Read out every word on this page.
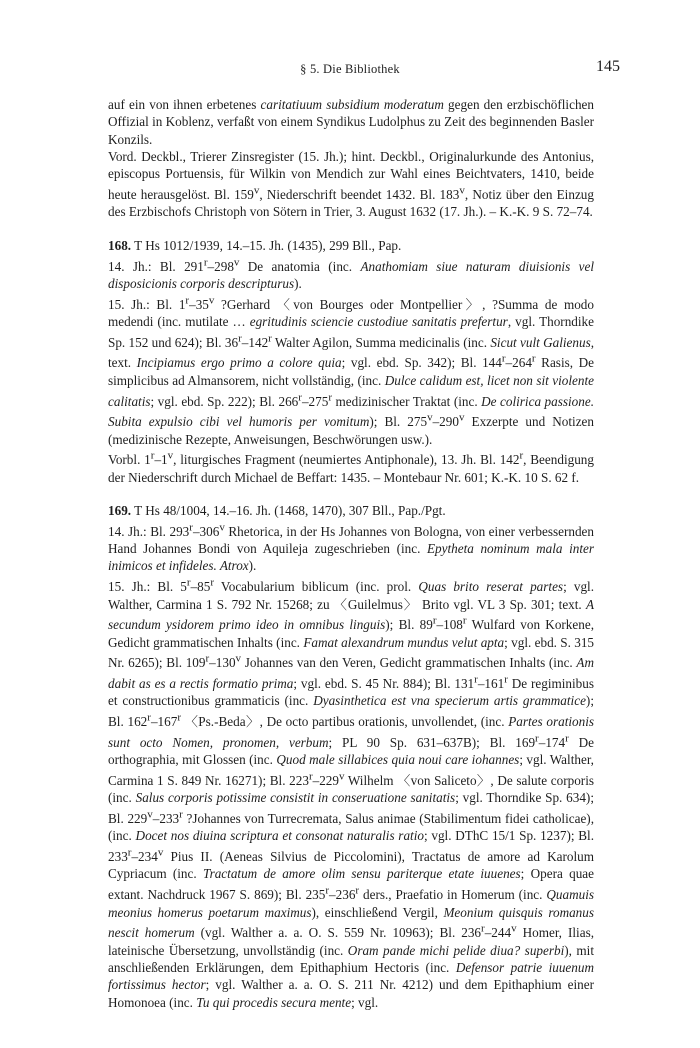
§ 5. Die Bibliothek	145

auf ein von ihnen erbetenes caritatiuum subsidium moderatum gegen den erzbischöflichen Offizial in Koblenz, verfaßt von einem Syndikus Ludolphus zu Zeit des beginnenden Basler Konzils.

Vord. Deckbl., Trierer Zinsregister (15. Jh.); hint. Deckbl., Originalurkunde des Antonius, episcopus Portuensis, für Wilkin von Mendich zur Wahl eines Beichtvaters, 1410, beide heute herausgelöst. Bl. 159$^v$, Niederschrift beendet 1432. Bl. 183$^v$, Notiz über den Einzug des Erzbischofs Christoph von Sötern in Trier, 3. August 1632 (17. Jh.). – K.-K. 9 S. 72–74.

168. T Hs 1012/1939, 14.–15. Jh. (1435), 299 Bll., Pap.

14. Jh.: Bl. 291$^r$–298$^v$ De anatomia (inc. Anathomiam siue naturam diuisionis vel disposicionis corporis descripturus).

15. Jh.: Bl. 1$^r$–35$^v$ ?Gerhard 〈von Bourges oder Montpellier〉, ?Summa de modo medendi (inc. mutilate … egritudinis sciencie custodiue sanitatis prefertur, vgl. Thorndike Sp. 152 und 624); Bl. 36$^r$–142$^r$ Walter Agilon, Summa medicinalis (inc. Sicut vult Galienus, text. Incipiamus ergo primo a colore quia; vgl. ebd. Sp. 342); Bl. 144$^r$–264$^r$ Rasis, De simplicibus ad Almansorem, nicht vollständig, (inc. Dulce calidum est, licet non sit violente calitatis; vgl. ebd. Sp. 222); Bl. 266$^r$–275$^r$ medizinischer Traktat (inc. De colirica passione. Subita expulsio cibi vel humoris per vomitum); Bl. 275$^v$–290$^v$ Exzerpte und Notizen (medizinische Rezepte, Anweisungen, Beschwörungen usw.).

Vorbl. 1$^r$–1$^v$, liturgisches Fragment (neumiertes Antiphonale), 13. Jh. Bl. 142$^r$, Beendigung der Niederschrift durch Michael de Beffart: 1435. – Montebaur Nr. 601; K.-K. 10 S. 62 f.

169. T Hs 48/1004, 14.–16. Jh. (1468, 1470), 307 Bll., Pap./Pgt.

14. Jh.: Bl. 293$^r$–306$^v$ Rhetorica, in der Hs Johannes von Bologna, von einer verbessernden Hand Johannes Bondi von Aquileja zugeschrieben (inc. Epytheta nominum mala inter inimicos et infideles. Atrox).

15. Jh.: Bl. 5$^r$–85$^r$ Vocabularium biblicum (inc. prol. Quas brito reserat partes; vgl. Walther, Carmina 1 S. 792 Nr. 15268; zu 〈Guilelmus〉 Brito vgl. VL 3 Sp. 301; text. A secundum ysidorem primo ideo in omnibus linguis); Bl. 89$^r$–108$^r$ Wulfard von Korkene, Gedicht grammatischen Inhalts (inc. Famat alexandrum mundus velut apta; vgl. ebd. S. 315 Nr. 6265); Bl. 109$^r$–130$^v$ Johannes van den Veren, Gedicht grammatischen Inhalts (inc. Am dabit as es a rectis formatio prima; vgl. ebd. S. 45 Nr. 884); Bl. 131$^r$–161$^r$ De regiminibus et constructionibus grammaticis (inc. Dyasinthetica est vna specierum artis grammatice); Bl. 162$^r$–167$^r$ 〈Ps.-Beda〉, De octo partibus orationis, unvollendet, (inc. Partes orationis sunt octo Nomen, pronomen, verbum; PL 90 Sp. 631–637B); Bl. 169$^r$–174$^r$ De orthographia, mit Glossen (inc. Quod male sillabices quia noui care iohannes; vgl. Walther, Carmina 1 S. 849 Nr. 16271); Bl. 223$^r$–229$^v$ Wilhelm 〈von Saliceto〉, De salute corporis (inc. Salus corporis potissime consistit in conseruatione sanitatis; vgl. Thorndike Sp. 634); Bl. 229$^v$–233$^r$ ?Johannes von Turrecremata, Salus animae (Stabilimentum fidei catholicae), (inc. Docet nos diuina scriptura et consonat naturalis ratio; vgl. DThC 15/1 Sp. 1237); Bl. 233$^r$–234$^v$ Pius II. (Aeneas Silvius de Piccolomini), Tractatus de amore ad Karolum Cypriacum (inc. Tractatum de amore olim sensu pariterque etate iuuenes; Opera quae extant. Nachdruck 1967 S. 869); Bl. 235$^r$–236$^r$ ders., Praefatio in Homerum (inc. Quamuis meonius homerus poetarum maximus), einschließend Vergil, Meonium quisquis romanus nescit homerum (vgl. Walther a. a. O. S. 559 Nr. 10963); Bl. 236$^r$–244$^v$ Homer, Ilias, lateinische Übersetzung, unvollständig (inc. Oram pande michi pelide diua? superbi), mit anschließenden Erklärungen, dem Epithaphium Hectoris (inc. Defensor patrie iuuenum fortissimus hector; vgl. Walther a. a. O. S. 211 Nr. 4212) und dem Epithaphium einer Homonoea (inc. Tu qui procedis secura mente; vgl.
